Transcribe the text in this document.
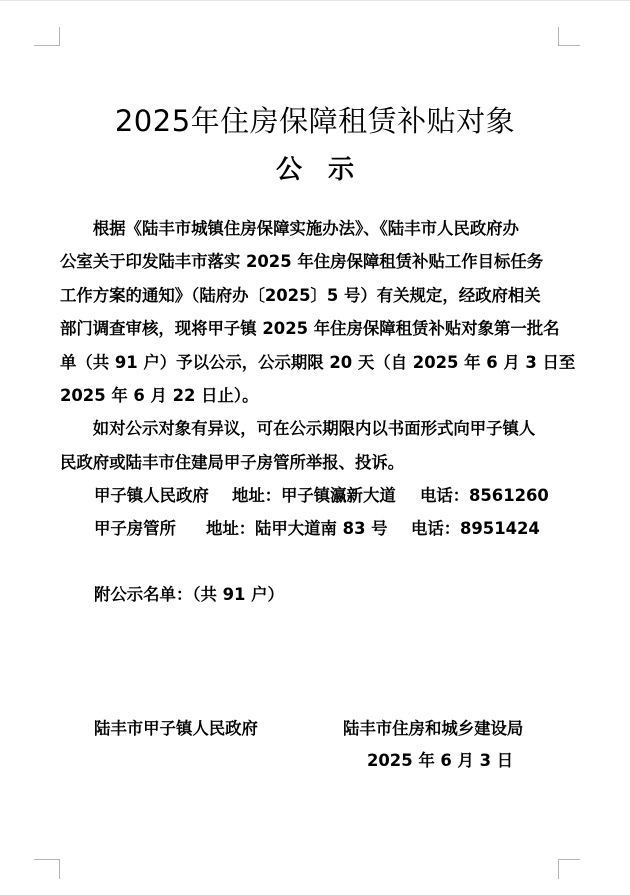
2025年住房保障租赁补贴对象
公　示
　　根据《陆丰市城镇住房保障实施办法》、《陆丰市人民政府办
公室关于印发陆丰市落实 2025 年住房保障租赁补贴工作目标任务
工作方案的通知》（陆府办〔2025〕5 号）有关规定，经政府相关
部门调查审核，现将甲子镇 2025 年住房保障租赁补贴对象第一批名
单（共 91 户）予以公示，公示期限 20 天（自 2025 年 6 月 3 日至
2025 年 6 月 22 日止）。
　　如对公示对象有异议，可在公示期限内以书面形式向甲子镇人
民政府或陆丰市住建局甲子房管所举报、投诉。
甲子镇人民政府 地址： 甲子镇瀛新大道 电话： 8561260
甲子房管所 地址： 陆甲大道南 83 号 电话： 8951424
附公示名单：（共 91 户）
陆丰市甲子镇人民政府	陆丰市住房和城乡建设局
2025 年 6 月 3 日
